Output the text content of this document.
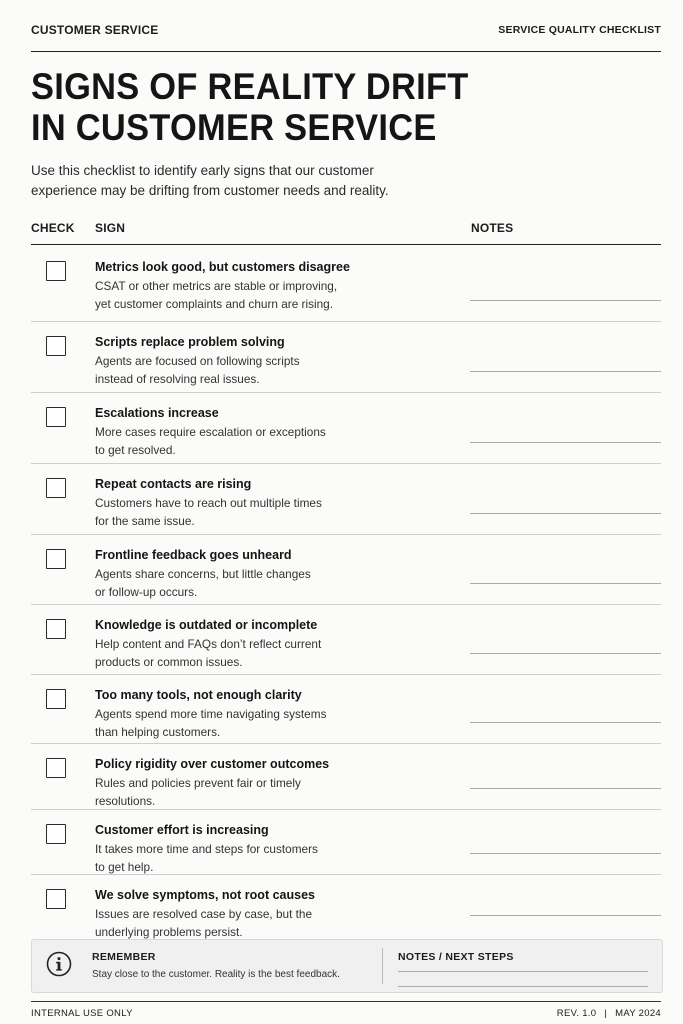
CUSTOMER SERVICE	SERVICE QUALITY CHECKLIST
SIGNS OF REALITY DRIFT
IN CUSTOMER SERVICE
Use this checklist to identify early signs that our customer
experience may be drifting from customer needs and reality.
CHECK SIGN	NOTES
Metrics look good, but customers disagree
CSAT or other metrics are stable or improving,
yet customer complaints and churn are rising.
Scripts replace problem solving
Agents are focused on following scripts
instead of resolving real issues.
Escalations increase
More cases require escalation or exceptions
to get resolved.
Repeat contacts are rising
Customers have to reach out multiple times
for the same issue.
Frontline feedback goes unheard
Agents share concerns, but little changes
or follow-up occurs.
Knowledge is outdated or incomplete
Help content and FAQs don’t reflect current
products or common issues.
Too many tools, not enough clarity
Agents spend more time navigating systems
than helping customers.
Policy rigidity over customer outcomes
Rules and policies prevent fair or timely
resolutions.
Customer effort is increasing
It takes more time and steps for customers
to get help.
We solve symptoms, not root causes
Issues are resolved case by case, but the
underlying problems persist.
REMEMBER
Stay close to the customer. Reality is the best feedback.
NOTES / NEXT STEPS
INTERNAL USE ONLY	REV. 1.0 | MAY 2024
